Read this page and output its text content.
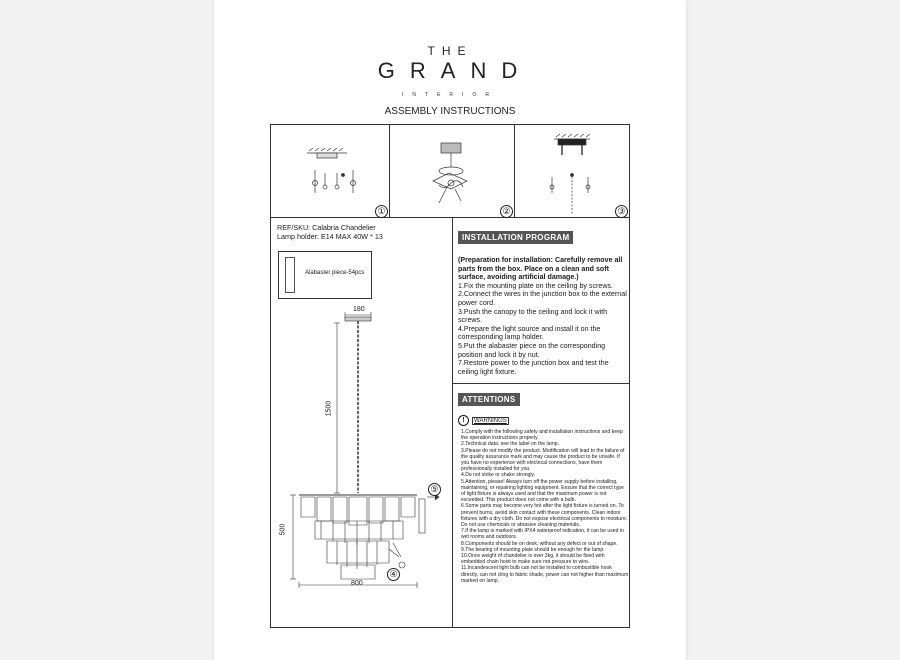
THE
GRAND
INTERIOR
ASSEMBLY INSTRUCTIONS
①	②	③
REF/SKU: Calabria Chandelier
Lamp holder: E14 MAX 40W * 13
Alabaster piece-54pcs
180
1500
500
800
⑤
④
INSTALLATION PROGRAM

(Preparation for installation: Carefully remove all parts from the box. Place on a clean and soft surface, avoiding artificial damage.)

1.Fix the mounting plate on the ceiling by screws.

2.Connect the wires in the junction box to the external power cord.

3.Push the canopy to the ceiling and lock it with screws.

4.Prepare the light source and install it on the corresponding lamp holder.

5.Put the alabaster piece on the corresponding position and lock it by nut.

7.Restore power to the junction box and test the ceiling light fixture.

ATTENTIONS
!	WARNINGS

1.Comply with the following safety and installation instructions and keep the operation instructions properly.

2.Technical data: see the label on the lamp.

3.Please do not modify the product. Modification will lead to the failure of the quality assurance mark and may cause the product to be unsafe. If you have no experience with electrical connections, have them professionally installed for you.

4.Do not strike or shake strongly.

5.Attention, please! Always turn off the power supply before installing, maintaining, or repairing lighting equipment. Ensure that the correct type of light fixture is always used and that the maximum power is not exceeded. This product does not come with a bulb.

6.Some parts may become very hot after the light fixture is turned on. To prevent burns, avoid skin contact with these components. Clean indoor fixtures with a dry cloth. Do not expose electrical components to moisture. Do not use chemicals or abrasive cleaning materials.

7.If the lamp is marked with IPX4 waterproof indication, it can be used in wet rooms and outdoors.

8.Components should be on desk, without any defect or out of shape.

9.The bearing of mounting plate should be enough for the lamp.

10.Once weight of chandelier is over 3kg, it should be fixed with embedded chain hoist to make sure not pressure to wire.

11.Incandescent light bulb can not be installed to combustible hook directly, can not cling to fabric shade, power can not higher than maximum marked on lamp.
